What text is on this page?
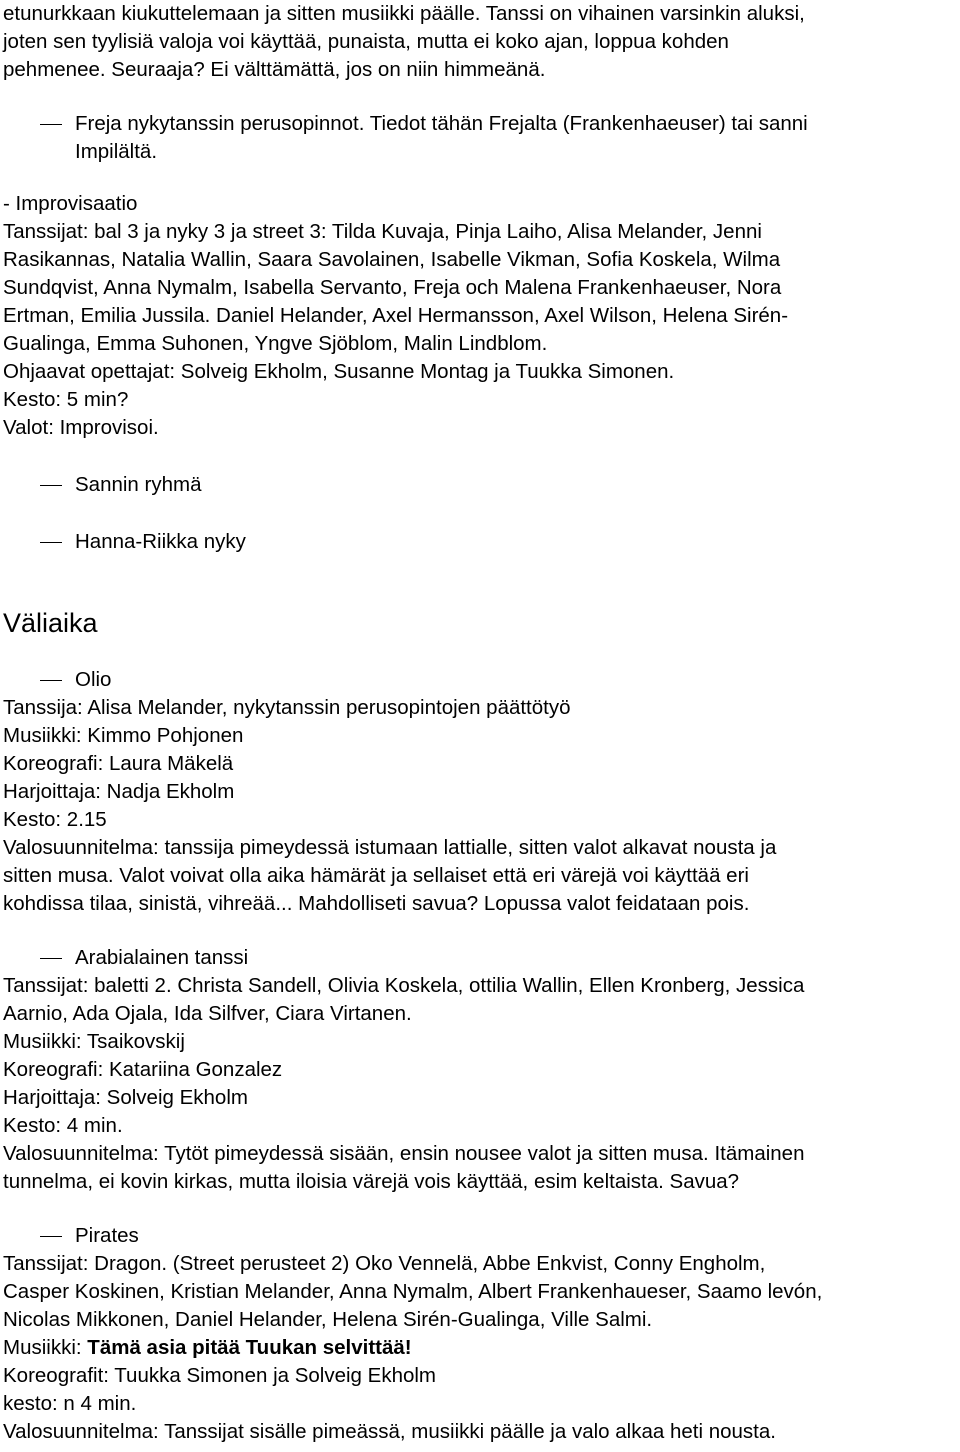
etunurkkaan kiukuttelemaan ja sitten musiikki päälle. Tanssi on vihainen varsinkin aluksi,
joten sen tyylisiä valoja voi käyttää, punaista, mutta ei koko ajan, loppua kohden
pehmenee. Seuraaja? Ei välttämättä, jos on niin himmeänä.
Freja nykytanssin perusopinnot. Tiedot tähän Frejalta (Frankenhaeuser) tai sanni
Impilältä.
- Improvisaatio
Tanssijat: bal 3 ja nyky 3 ja street 3: Tilda Kuvaja, Pinja Laiho, Alisa Melander, Jenni
Rasikannas, Natalia Wallin, Saara Savolainen, Isabelle Vikman, Sofia Koskela, Wilma
Sundqvist, Anna Nymalm, Isabella Servanto, Freja och Malena Frankenhaeuser, Nora
Ertman, Emilia Jussila. Daniel Helander, Axel Hermansson, Axel Wilson, Helena Sirén-
Gualinga, Emma Suhonen, Yngve Sjöblom, Malin Lindblom.
Ohjaavat opettajat: Solveig Ekholm, Susanne Montag ja Tuukka Simonen.
Kesto: 5 min?
Valot: Improvisoi.
Sannin ryhmä
Hanna-Riikka nyky
Väliaika
Olio
Tanssija: Alisa Melander, nykytanssin perusopintojen päättötyö
Musiikki: Kimmo Pohjonen
Koreografi: Laura Mäkelä
Harjoittaja: Nadja Ekholm
Kesto: 2.15
Valosuunnitelma: tanssija pimeydessä istumaan lattialle, sitten valot alkavat nousta ja
sitten musa. Valot voivat olla aika hämärät ja sellaiset että eri värejä voi käyttää eri
kohdissa tilaa, sinistä, vihreää... Mahdolliseti savua? Lopussa valot feidataan pois.
Arabialainen tanssi
Tanssijat: baletti 2. Christa Sandell, Olivia Koskela, ottilia Wallin, Ellen Kronberg, Jessica
Aarnio, Ada Ojala, Ida Silfver, Ciara Virtanen.
Musiikki: Tsaikovskij
Koreografi: Katariina Gonzalez
Harjoittaja: Solveig Ekholm
Kesto: 4 min.
Valosuunnitelma: Tytöt pimeydessä sisään, ensin nousee valot ja sitten musa. Itämainen
tunnelma, ei kovin kirkas, mutta iloisia värejä vois käyttää, esim keltaista. Savua?
Pirates
Tanssijat: Dragon. (Street perusteet 2) Oko Vennelä, Abbe Enkvist, Conny Engholm,
Casper Koskinen, Kristian Melander, Anna Nymalm, Albert Frankenhaueser, Saamo levón,
Nicolas Mikkonen, Daniel Helander, Helena Sirén-Gualinga, Ville Salmi.
Musiikki: Tämä asia pitää Tuukan selvittää!
Koreografit: Tuukka Simonen ja Solveig Ekholm
kesto: n 4 min.
Valosuunnitelma: Tanssijat sisälle pimeässä, musiikki päälle ja valo alkaa heti nousta.
